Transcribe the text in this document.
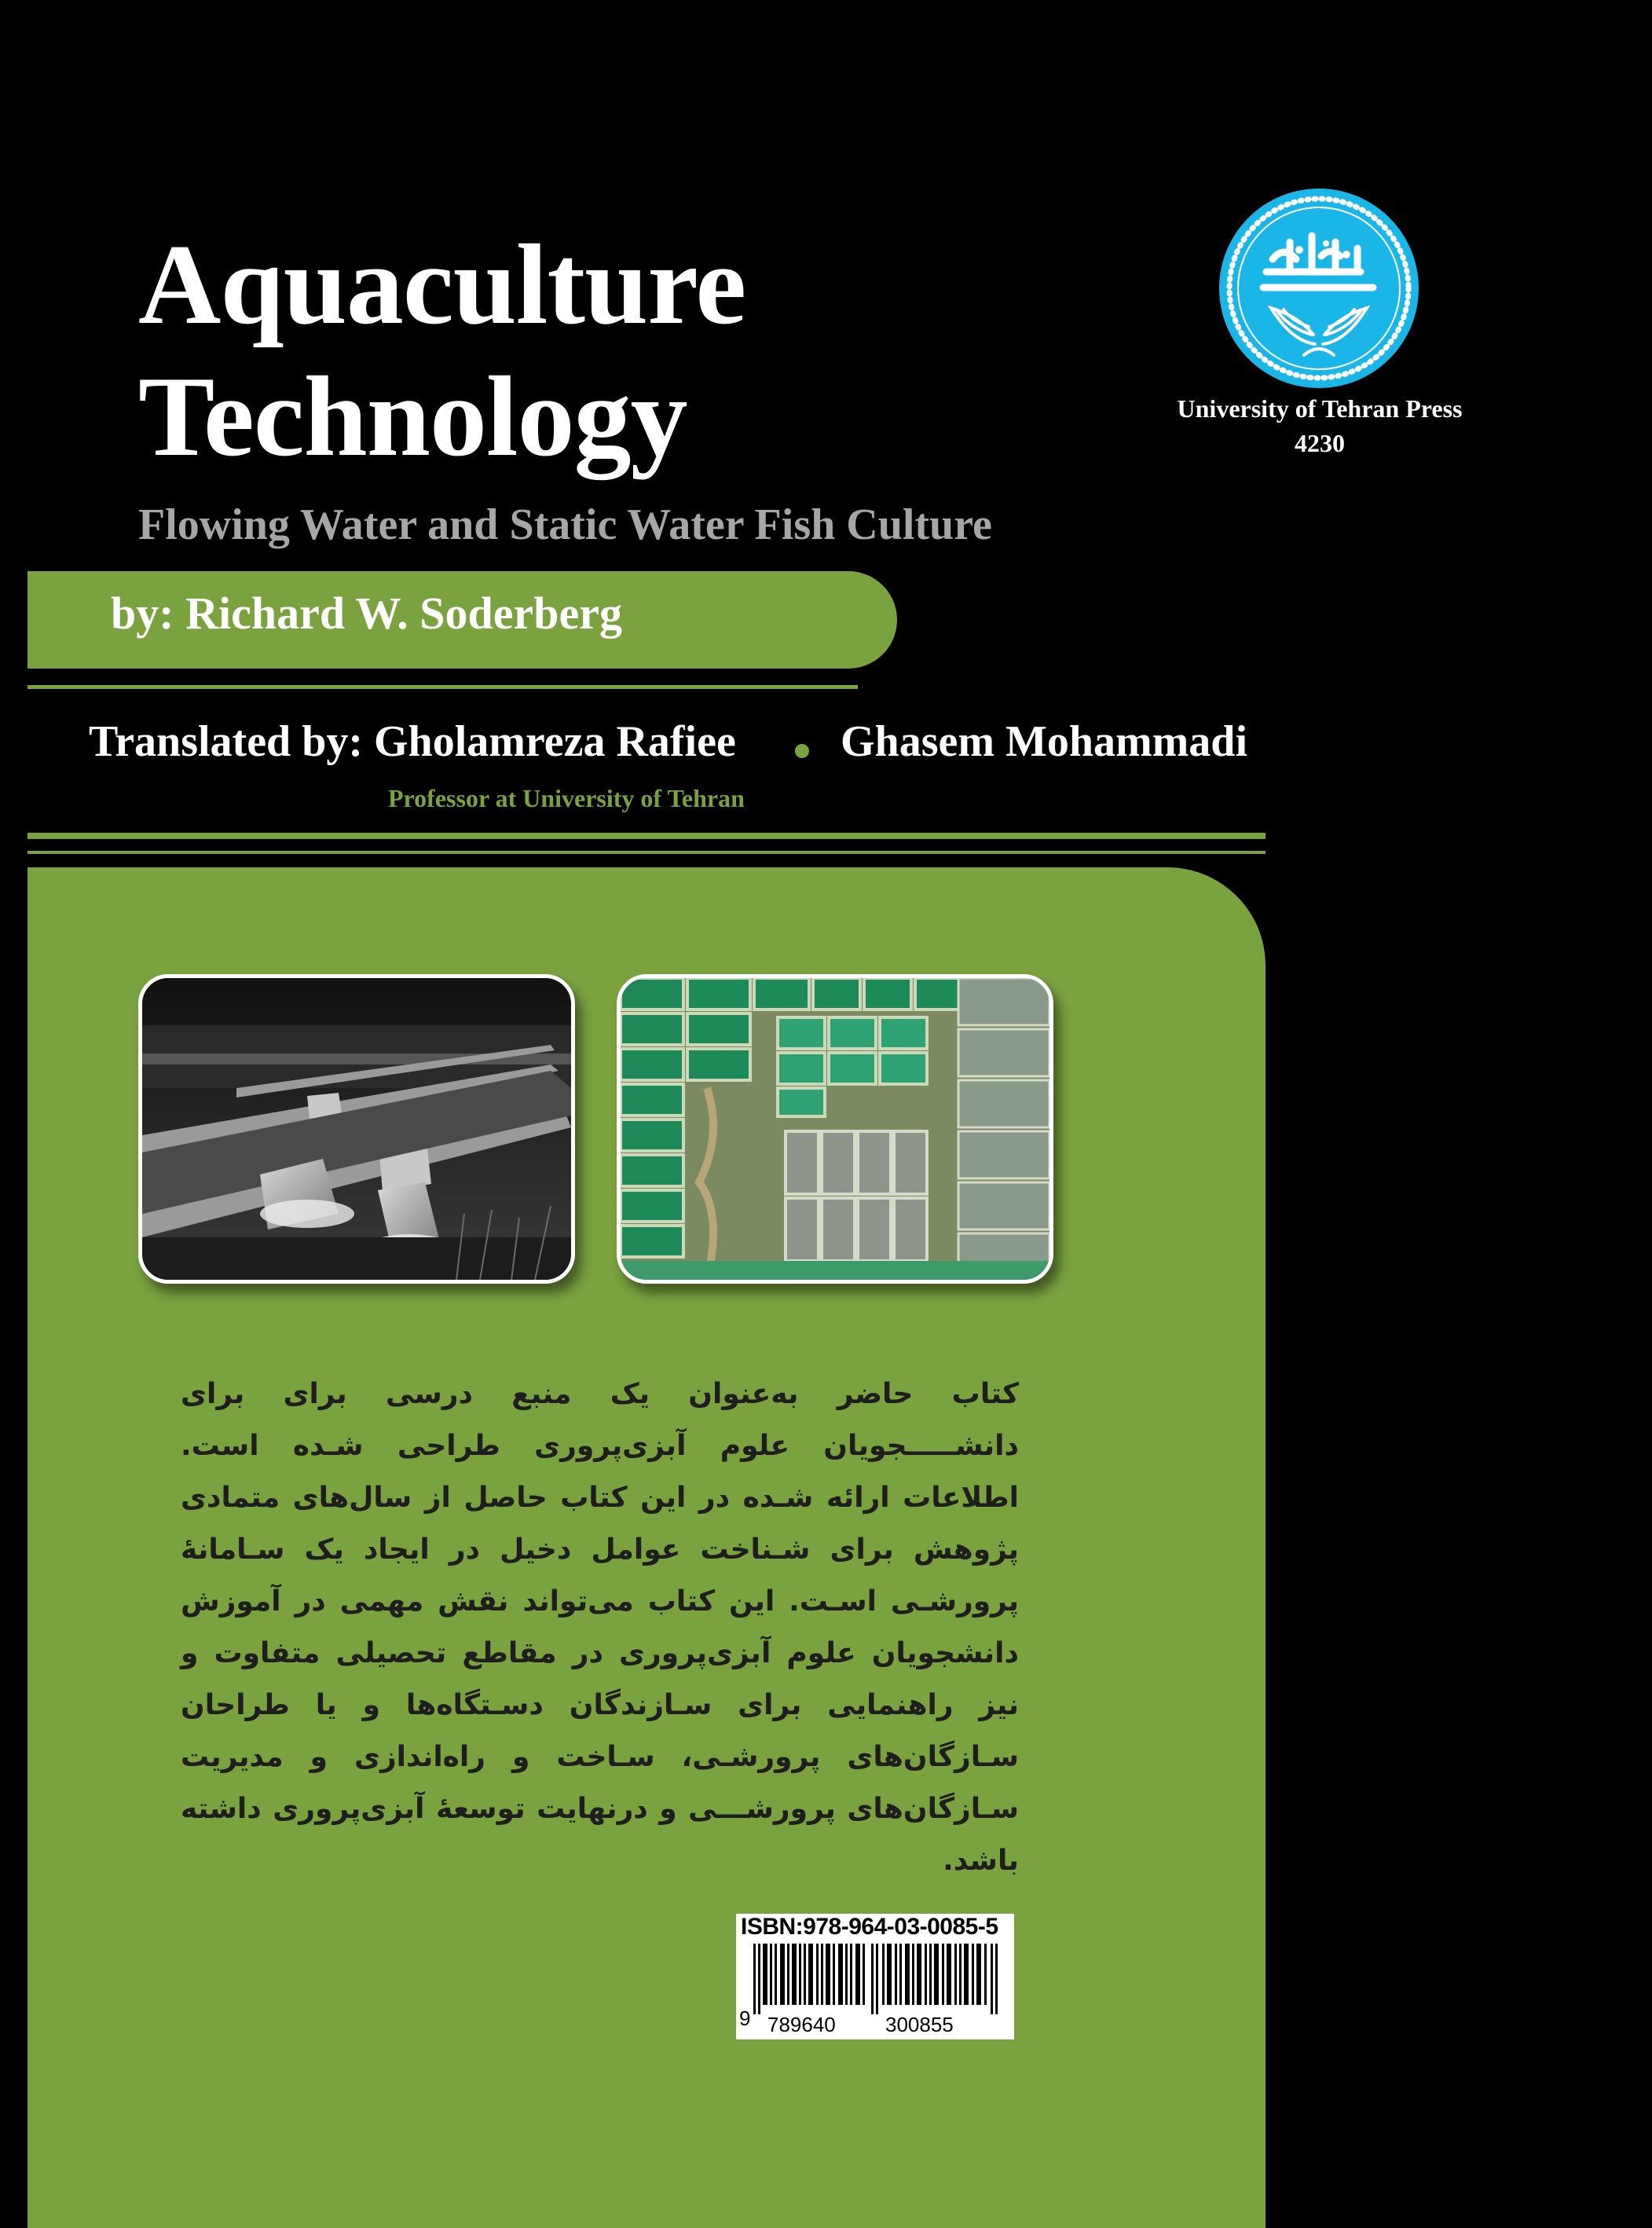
Aquaculture
Technology
Flowing Water and Static Water Fish Culture
by: Richard W. Soderberg
Translated by: Gholamreza Rafiee Ghasem Mohammadi
Professor at University of Tehran
University of Tehran Press
4230

کتاب حاضر به‌عنوان یک منبع درسی برای برای دانشـــــجویان علوم آبزی‌پروری طراحی شـده است. اطلاعات ارائه شـده در این کتاب حاصل از سال‌های متمادی پژوهش برای شـناخت عوامل دخیل در ایجاد یک سـامانهٔ پرورشـی اسـت. این کتاب می‌تواند نقش مهمی در آموزش دانشجویان علوم آبزی‌پروری در مقاطع تحصیلی متفاوت و نیز راهنمایی برای سـازندگان دسـتگاه‌ها و یا طراحان سـازگان‌های پرورشـی، سـاخت و راه‌اندازی و مدیریت سـازگان‌های پرورشـــی و درنهایت توسعهٔ آبزی‌پروری داشته باشد.

ISBN:978-964-03-0085-5
9 789640 300855
